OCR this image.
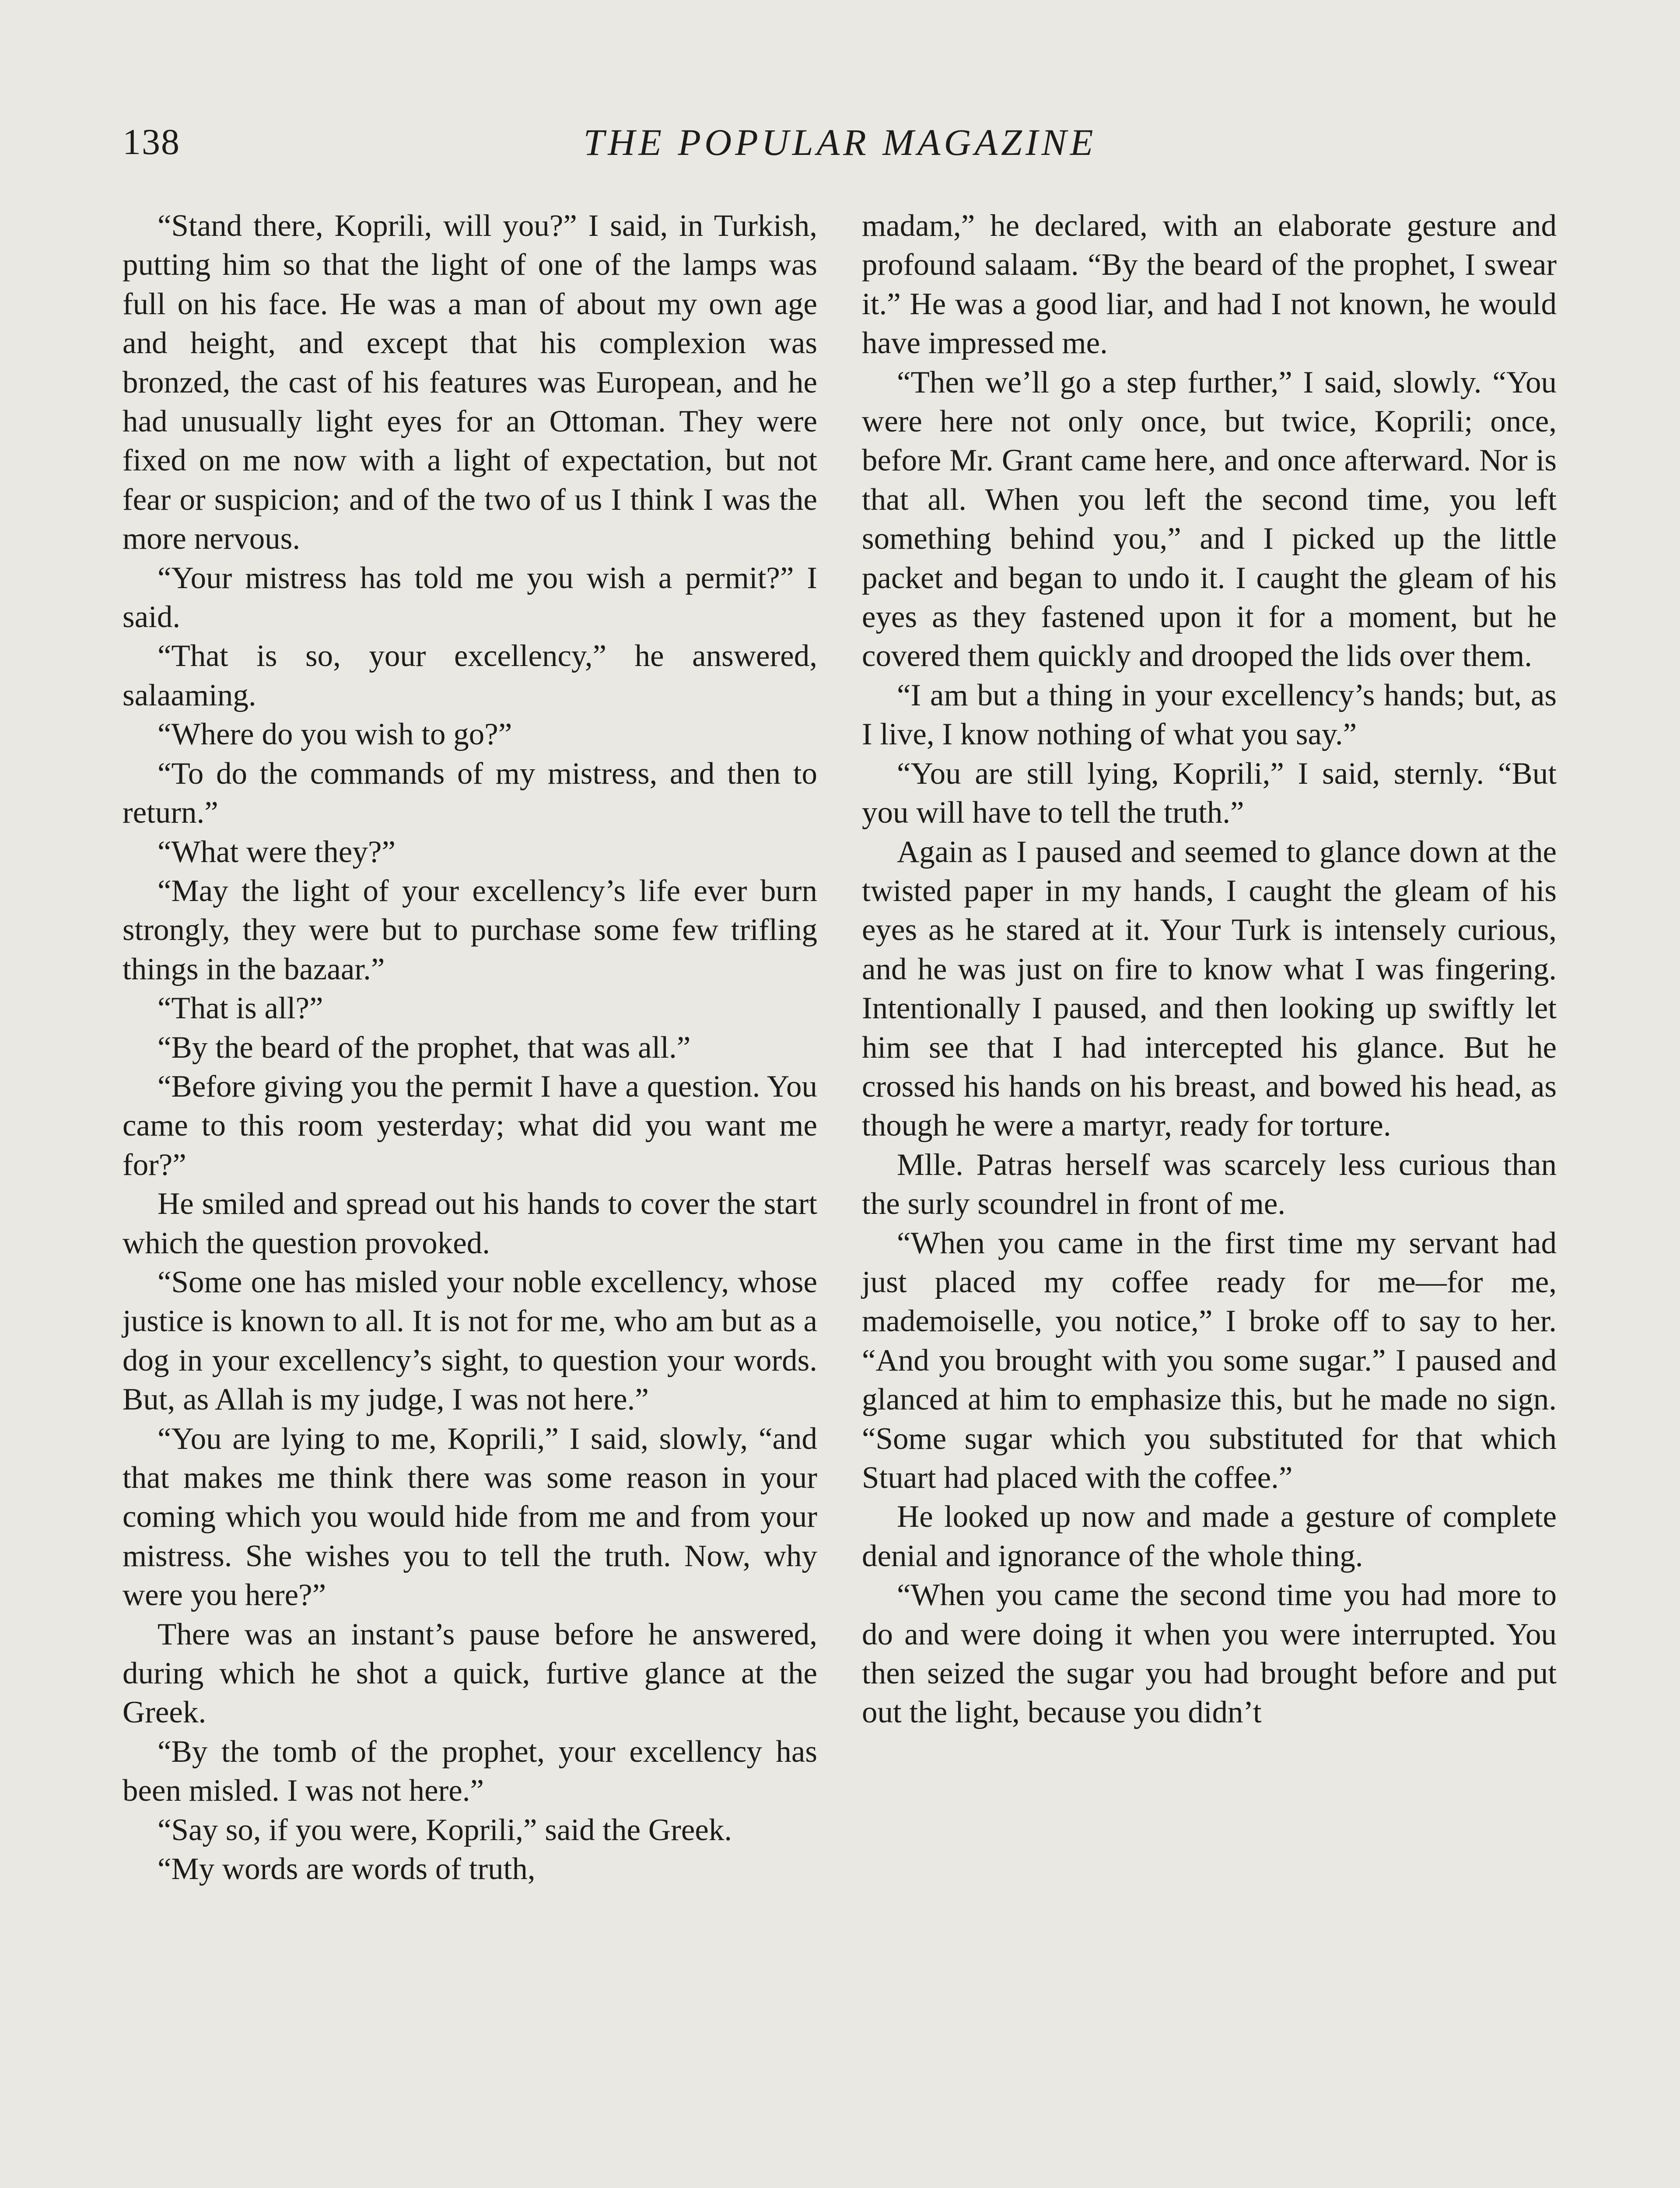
138	THE POPULAR MAGAZINE

“Stand there, Koprili, will you?” I said, in Turkish, putting him so that the light of one of the lamps was full on his face. He was a man of about my own age and height, and except that his complexion was bronzed, the cast of his features was European, and he had unusually light eyes for an Ottoman. They were fixed on me now with a light of expectation, but not fear or suspicion; and of the two of us I think I was the more nervous.

“Your mistress has told me you wish a permit?” I said.

“That is so, your excellency,” he answered, salaaming.

“Where do you wish to go?”

“To do the commands of my mistress, and then to return.”

“What were they?”

“May the light of your excellency’s life ever burn strongly, they were but to purchase some few trifling things in the bazaar.”

“That is all?”

“By the beard of the prophet, that was all.”

“Before giving you the permit I have a question. You came to this room yesterday; what did you want me for?”

He smiled and spread out his hands to cover the start which the question provoked.

“Some one has misled your noble excellency, whose justice is known to all. It is not for me, who am but as a dog in your excellency’s sight, to question your words. But, as Allah is my judge, I was not here.”

“You are lying to me, Koprili,” I said, slowly, “and that makes me think there was some reason in your coming which you would hide from me and from your mistress. She wishes you to tell the truth. Now, why were you here?”

There was an instant’s pause before he answered, during which he shot a quick, furtive glance at the Greek.

“By the tomb of the prophet, your excellency has been misled. I was not here.”

“Say so, if you were, Koprili,” said the Greek.

“My words are words of truth,

madam,” he declared, with an elaborate gesture and profound salaam. “By the beard of the prophet, I swear it.” He was a good liar, and had I not known, he would have impressed me.

“Then we’ll go a step further,” I said, slowly. “You were here not only once, but twice, Koprili; once, before Mr. Grant came here, and once afterward. Nor is that all. When you left the second time, you left something behind you,” and I picked up the little packet and began to undo it. I caught the gleam of his eyes as they fastened upon it for a moment, but he covered them quickly and drooped the lids over them.

“I am but a thing in your excellency’s hands; but, as I live, I know nothing of what you say.”

“You are still lying, Koprili,” I said, sternly. “But you will have to tell the truth.”

Again as I paused and seemed to glance down at the twisted paper in my hands, I caught the gleam of his eyes as he stared at it. Your Turk is intensely curious, and he was just on fire to know what I was fingering. Intentionally I paused, and then looking up swiftly let him see that I had intercepted his glance. But he crossed his hands on his breast, and bowed his head, as though he were a martyr, ready for torture.

Mlle. Patras herself was scarcely less curious than the surly scoundrel in front of me.

“When you came in the first time my servant had just placed my coffee ready for me—for me, mademoiselle, you notice,” I broke off to say to her. “And you brought with you some sugar.” I paused and glanced at him to emphasize this, but he made no sign. “Some sugar which you substituted for that which Stuart had placed with the coffee.”

He looked up now and made a gesture of complete denial and ignorance of the whole thing.

“When you came the second time you had more to do and were doing it when you were interrupted. You then seized the sugar you had brought before and put out the light, because you didn’t
